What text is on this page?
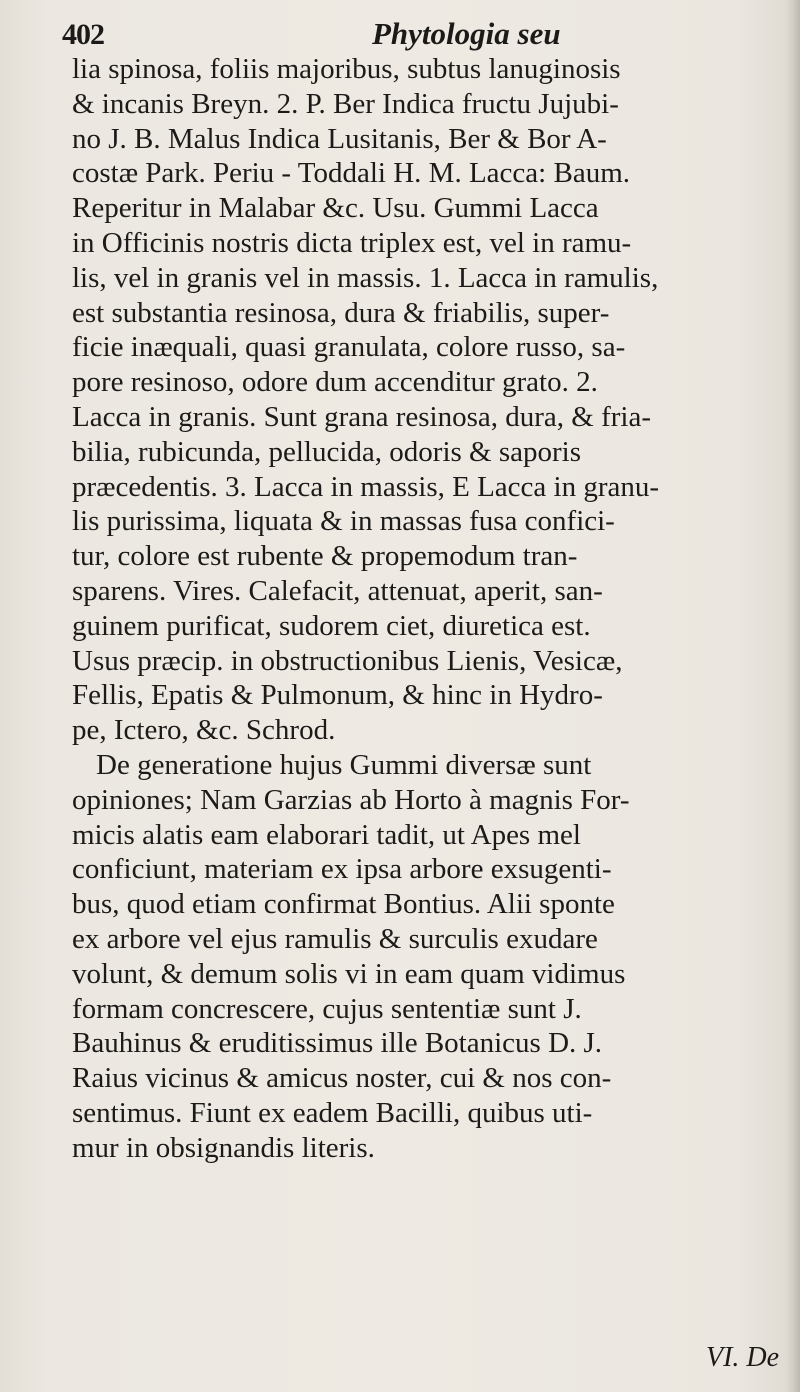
402	Phytologia seu
lia spinosa, foliis majoribus, subtus lanuginosis
& incanis Breyn. 2. P. Ber Indica fructu Jujubi-
no J. B. Malus Indica Lusitanis, Ber & Bor A-
costæ Park. Periu - Toddali H. M. Lacca: Baum.
Reperitur in Malabar &c. Usu. Gummi Lacca
in Officinis nostris dicta triplex est, vel in ramu-
lis, vel in granis vel in massis. 1. Lacca in ramulis,
est substantia resinosa, dura & friabilis, super-
ficie inæquali, quasi granulata, colore russo, sa-
pore resinoso, odore dum accenditur grato. 2.
Lacca in granis. Sunt grana resinosa, dura, & fria-
bilia, rubicunda, pellucida, odoris & saporis
præcedentis. 3. Lacca in massis, E Lacca in granu-
lis purissima, liquata & in massas fusa confici-
tur, colore est rubente & propemodum tran-
sparens. Vires. Calefacit, attenuat, aperit, san-
guinem purificat, sudorem ciet, diuretica est.
Usus præcip. in obstructionibus Lienis, Vesicæ,
Fellis, Epatis & Pulmonum, & hinc in Hydro-
pe, Ictero, &c. Schrod.
De generatione hujus Gummi diversæ sunt
opiniones; Nam Garzias ab Horto à magnis For-
micis alatis eam elaborari tadit, ut Apes mel
conficiunt, materiam ex ipsa arbore exsugenti-
bus, quod etiam confirmat Bontius. Alii sponte
ex arbore vel ejus ramulis & surculis exudare
volunt, & demum solis vi in eam quam vidimus
formam concrescere, cujus sententiæ sunt J.
Bauhinus & eruditissimus ille Botanicus D. J.
Raius vicinus & amicus noster, cui & nos con-
sentimus. Fiunt ex eadem Bacilli, quibus uti-
mur in obsignandis literis.
VI. De
